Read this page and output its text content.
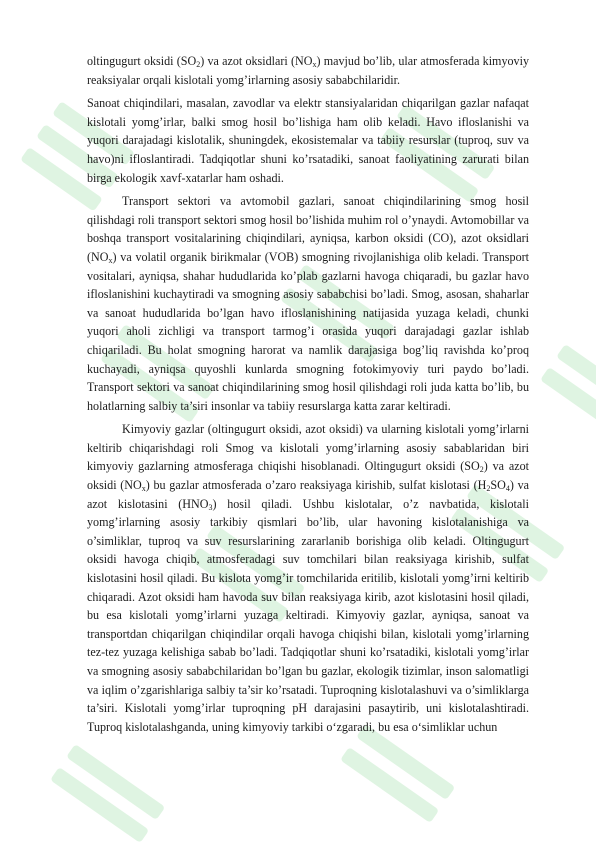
oltingugurt oksidi $(SO_2)$ va azot oksidlari $(NO_x)$ mavjud bo’lib, ular atmosferada kimyoviy reaksiyalar orqali kislotali yomg’irlarning asosiy sababchilaridir.

Sanoat chiqindilari, masalan, zavodlar va elektr stansiyalaridan chiqarilgan gazlar nafaqat kislotali yomg’irlar, balki smog hosil bo’lishiga ham olib keladi. Havo ifloslanishi va yuqori darajadagi kislotalik, shuningdek, ekosistemalar va tabiiy resurslar (tuproq, suv va havo)ni ifloslantiradi. Tadqiqotlar shuni ko’rsatadiki, sanoat faoliyatining zarurati bilan birga ekologik xavf-xatarlar ham oshadi.

Transport sektori va avtomobil gazlari, sanoat chiqindilarining smog hosil qilishdagi roli transport sektori smog hosil bo’lishida muhim rol o’ynaydi. Avtomobillar va boshqa transport vositalarining chiqindilari, ayniqsa, karbon oksidi (CO), azot oksidlari $(NO_x)$ va volatil organik birikmalar (VOB) smogning rivojlanishiga olib keladi. Transport vositalari, ayniqsa, shahar hududlarida ko’plab gazlarni havoga chiqaradi, bu gazlar havo ifloslanishini kuchaytiradi va smogning asosiy sababchisi bo’ladi. Smog, asosan, shaharlar va sanoat hududlarida bo’lgan havo ifloslanishining natijasida yuzaga keladi, chunki yuqori aholi zichligi va transport tarmog’i orasida yuqori darajadagi gazlar ishlab chiqariladi. Bu holat smogning harorat va namlik darajasiga bog’liq ravishda ko’proq kuchayadi, ayniqsa quyoshli kunlarda smogning fotokimyoviy turi paydo bo’ladi. Transport sektori va sanoat chiqindilarining smog hosil qilishdagi roli juda katta bo’lib, bu holatlarning salbiy ta’siri insonlar va tabiiy resurslarga katta zarar keltiradi.

Kimyoviy gazlar (oltingugurt oksidi, azot oksidi) va ularning kislotali yomg’irlarni keltirib chiqarishdagi roli Smog va kislotali yomg’irlarning asosiy sabablaridan biri kimyoviy gazlarning atmosferaga chiqishi hisoblanadi. Oltingugurt oksidi $(SO_2)$ va azot oksidi $(NO_x)$ bu gazlar atmosferada o’zaro reaksiyaga kirishib, sulfat kislotasi $(H_2SO_4)$ va azot kislotasini $(HNO_3)$ hosil qiladi. Ushbu kislotalar, o’z navbatida, kislotali yomg’irlarning asosiy tarkibiy qismlari bo’lib, ular havoning kislotalanishiga va o’simliklar, tuproq va suv resurslarining zararlanib borishiga olib keladi. Oltingugurt oksidi havoga chiqib, atmosferadagi suv tomchilari bilan reaksiyaga kirishib, sulfat kislotasini hosil qiladi. Bu kislota yomg’ir tomchilarida eritilib, kislotali yomg’irni keltirib chiqaradi. Azot oksidi ham havoda suv bilan reaksiyaga kirib, azot kislotasini hosil qiladi, bu esa kislotali yomg’irlarni yuzaga keltiradi. Kimyoviy gazlar, ayniqsa, sanoat va transportdan chiqarilgan chiqindilar orqali havoga chiqishi bilan, kislotali yomg’irlarning tez-tez yuzaga kelishiga sabab bo’ladi. Tadqiqotlar shuni ko’rsatadiki, kislotali yomg’irlar va smogning asosiy sababchilaridan bo’lgan bu gazlar, ekologik tizimlar, inson salomatligi va iqlim o’zgarishlariga salbiy ta’sir ko’rsatadi. Tuproqning kislotalashuvi va o’simliklarga ta’siri. Kislotali yomg’irlar tuproqning pH darajasini pasaytirib, uni kislotalashtiradi. Tuproq kislotalashganda, uning kimyoviy tarkibi o‘zgaradi, bu esa o‘simliklar uchun
